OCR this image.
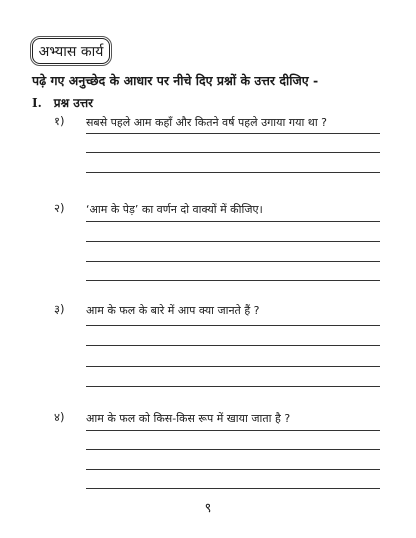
अभ्यास कार्य
पढ़े गए अनुच्छेद के आधार पर नीचे दिए प्रश्नों के उत्तर दीजिए -
I. प्रश्न उत्तर
१) सबसे पहले आम कहाँ और कितने वर्ष पहले उगाया गया था ?
२) ‘आम के पेड़’ का वर्णन दो वाक्यों में कीजिए।
३) आम के फल के बारे में आप क्या जानते हैं ?
४) आम के फल को किस-किस रूप में खाया जाता है ?
९
